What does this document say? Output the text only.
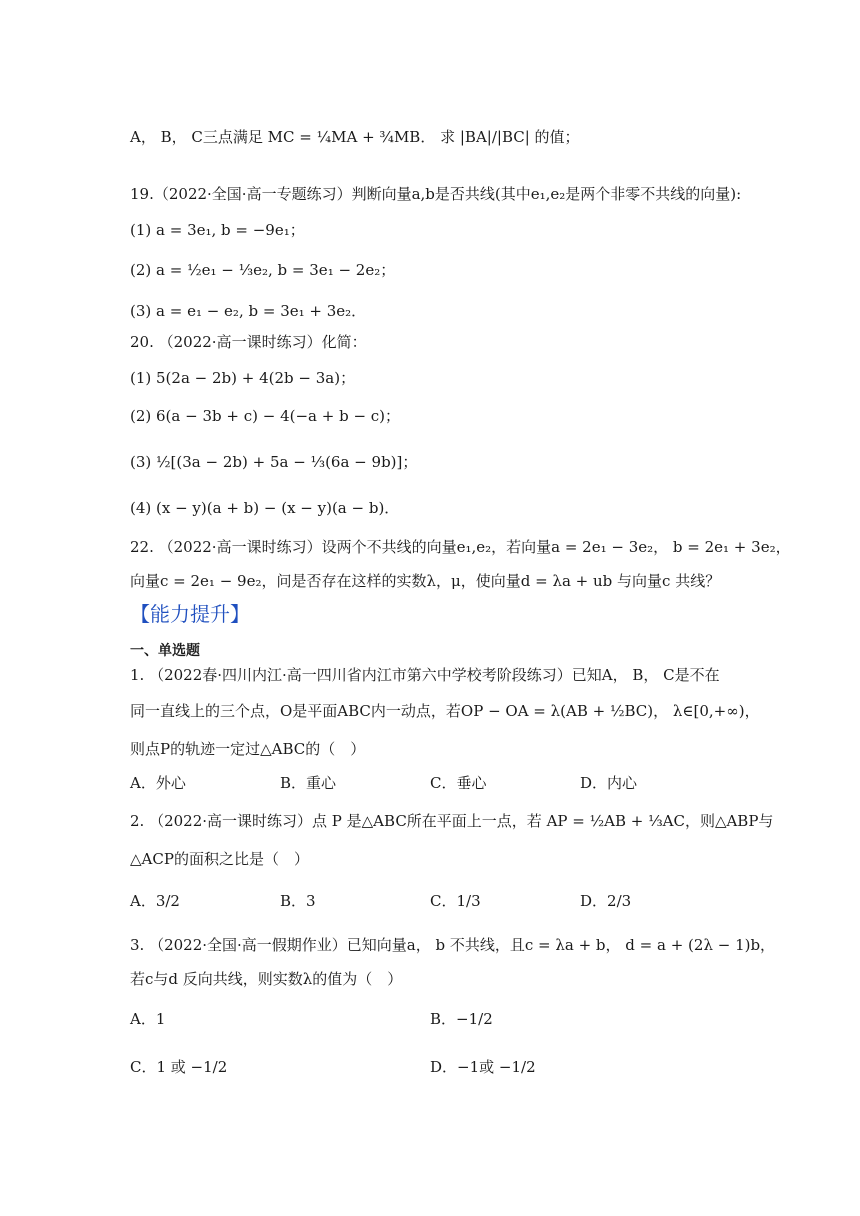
A， B， C三点满足 MC = ¼MA + ¾MB． 求 |BA|/|BC| 的值；
19.（2022·全国·高一专题练习）判断向量a,b是否共线(其中e₁,e₂是两个非零不共线的向量):
(1) a = 3e₁, b = −9e₁；
(2) a = ½e₁ − ⅓e₂, b = 3e₁ − 2e₂；
(3) a = e₁ − e₂, b = 3e₁ + 3e₂．
20. （2022·高一课时练习）化简：
(1) 5(2a − 2b) + 4(2b − 3a)；
(2) 6(a − 3b + c) − 4(−a + b − c)；
(3) ½[(3a − 2b) + 5a − ⅓(6a − 9b)]；
(4) (x − y)(a + b) − (x − y)(a − b)．
22. （2022·高一课时练习）设两个不共线的向量e₁,e₂，若向量a = 2e₁ − 3e₂， b = 2e₁ + 3e₂，
向量c = 2e₁ − 9e₂，问是否存在这样的实数λ，μ，使向量d = λa + ub 与向量c 共线？
【能力提升】
一、单选题
1. （2022春·四川内江·高一四川省内江市第六中学校考阶段练习）已知A， B， C是不在
同一直线上的三个点，O是平面ABC内一动点，若OP − OA = λ(AB + ½BC)， λ∈[0,+∞)，
则点P的轨迹一定过△ABC的（　）
A．外心	B．重心	C．垂心	D．内心
2. （2022·高一课时练习）点 P 是△ABC所在平面上一点，若 AP = ½AB + ⅓AC，则△ABP与
△ACP的面积之比是（　）
A．3/2	B．3	C．1/3	D．2/3
3. （2022·全国·高一假期作业）已知向量a， b 不共线，且c = λa + b， d = a + (2λ − 1)b，
若c与d 反向共线，则实数λ的值为（　）
A．1	B．−1/2
C．1 或 −1/2	D．−1或 −1/2
